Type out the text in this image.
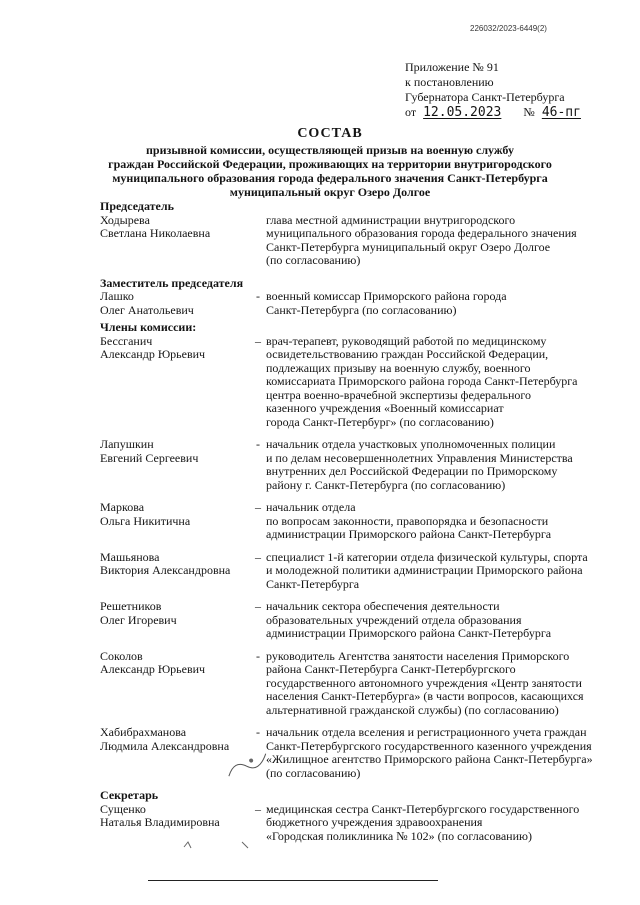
226032/2023-6449(2)
Приложение № 91
к постановлению
Губернатора Санкт-Петербурга
от 12.05.2023 № 46-пг
СОСТАВ
призывной комиссии, осуществляющей призыв на военную службу
граждан Российской Федерации, проживающих на территории внутригородского
муниципального образования города федерального значения Санкт-Петербурга
муниципальный округ Озеро Долгое
Председатель
Ходырева
Светлана Николаевна
глава местной администрации внутригородского
муниципального образования города федерального значения
Санкт-Петербурга муниципальный округ Озеро Долгое
(по согласованию)
Заместитель председателя
Лашко
Олег Анатольевич
- военный комиссар Приморского района города
Санкт-Петербурга (по согласованию)
Члены комиссии:
Бессганич
Александр Юрьевич
– врач-терапевт, руководящий работой по медицинскому
освидетельствованию граждан Российской Федерации,
подлежащих призыву на военную службу, военного
комиссариата Приморского района города Санкт-Петербурга
центра военно-врачебной экспертизы федерального
казенного учреждения «Военный комиссариат
города Санкт-Петербург» (по согласованию)
Лапушкин
Евгений Сергеевич
- начальник отдела участковых уполномоченных полиции
и по делам несовершеннолетних Управления Министерства
внутренних дел Российской Федерации по Приморскому
району г. Санкт-Петербурга (по согласованию)
Маркова
Ольга Никитична
– начальник отдела
по вопросам законности, правопорядка и безопасности
администрации Приморского района Санкт-Петербурга
Машьянова
Виктория Александровна
– специалист 1-й категории отдела физической культуры, спорта
и молодежной политики администрации Приморского района
Санкт-Петербурга
Решетников
Олег Игоревич
– начальник сектора обеспечения деятельности
образовательных учреждений отдела образования
администрации Приморского района Санкт-Петербурга
Соколов
Александр Юрьевич
- руководитель Агентства занятости населения Приморского
района Санкт-Петербурга Санкт-Петербургского
государственного автономного учреждения «Центр занятости
населения Санкт-Петербурга» (в части вопросов, касающихся
альтернативной гражданской службы) (по согласованию)
Хабибрахманова
Людмила Александровна
- начальник отдела вселения и регистрационного учета граждан
Санкт-Петербургского государственного казенного учреждения
«Жилищное агентство Приморского района Санкт-Петербурга»
(по согласованию)
Секретарь
Сущенко
Наталья Владимировна
– медицинская сестра Санкт-Петербургского государственного
бюджетного учреждения здравоохранения
«Городская поликлиника № 102» (по согласованию)
